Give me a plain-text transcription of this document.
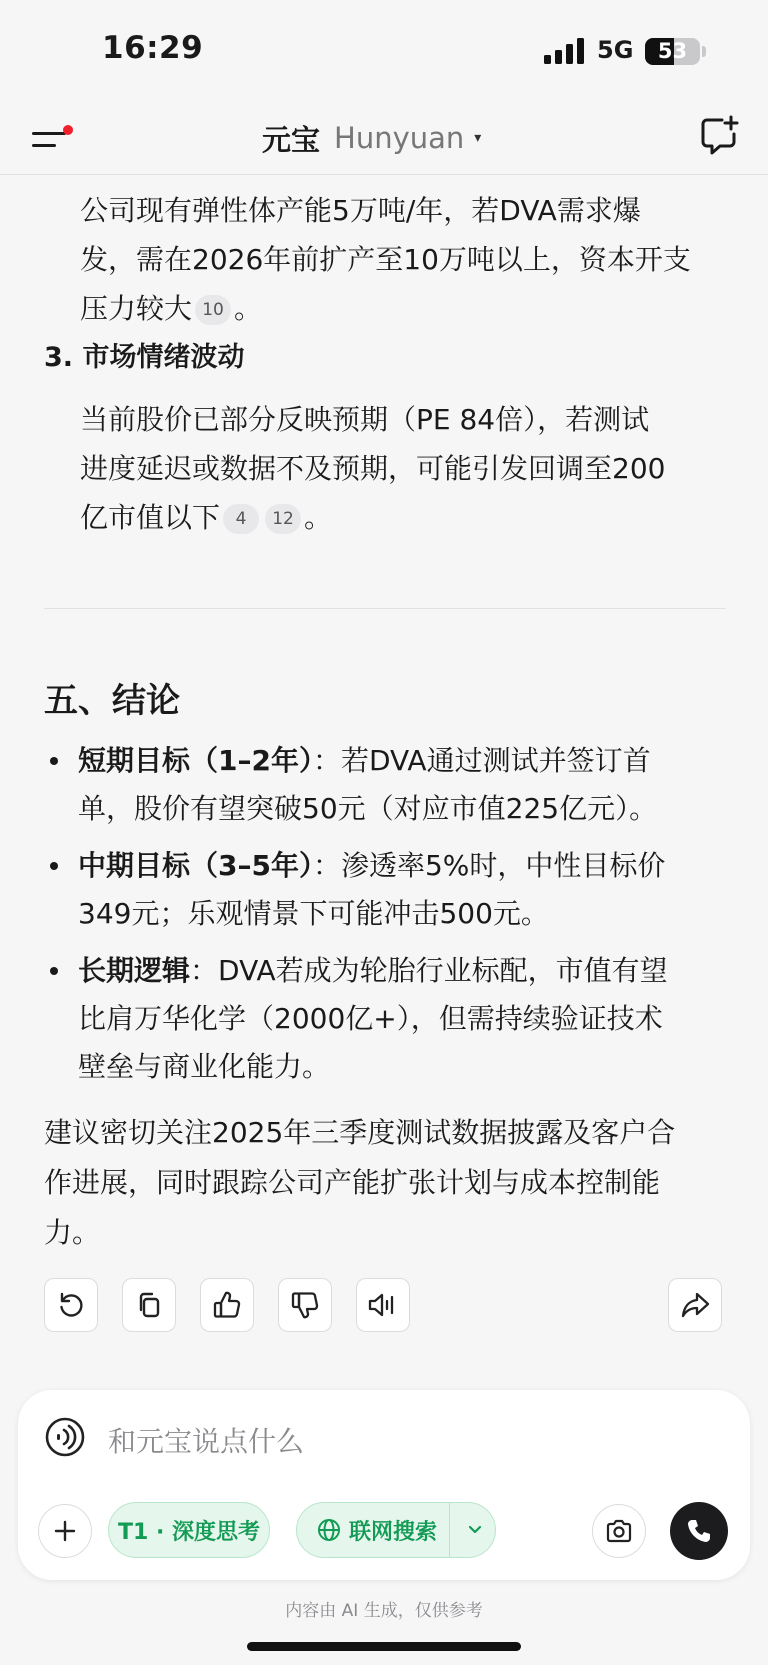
16:29	5G	53
元宝 Hunyuan ▾
公司现有弹性体产能5万吨/年，若DVA需求爆
发，需在2026年前扩产至10万吨以上，资本开支
压力较大 10 。
3. 市场情绪波动
当前股价已部分反映预期（PE 84倍），若测试
进度延迟或数据不及预期，可能引发回调至200
亿市值以下 4 12 。
五、结论
短期目标（1–2年）：若DVA通过测试并签订首
单，股价有望突破50元（对应市值225亿元）。
中期目标（3–5年）：渗透率5%时，中性目标价
349元；乐观情景下可能冲击500元。
长期逻辑：DVA若成为轮胎行业标配，市值有望
比肩万华化学（2000亿+），但需持续验证技术
壁垒与商业化能力。
建议密切关注2025年三季度测试数据披露及客户合
作进展，同时跟踪公司产能扩张计划与成本控制能
力。
和元宝说点什么
T1 · 深度思考	联网搜索
内容由 AI 生成，仅供参考
